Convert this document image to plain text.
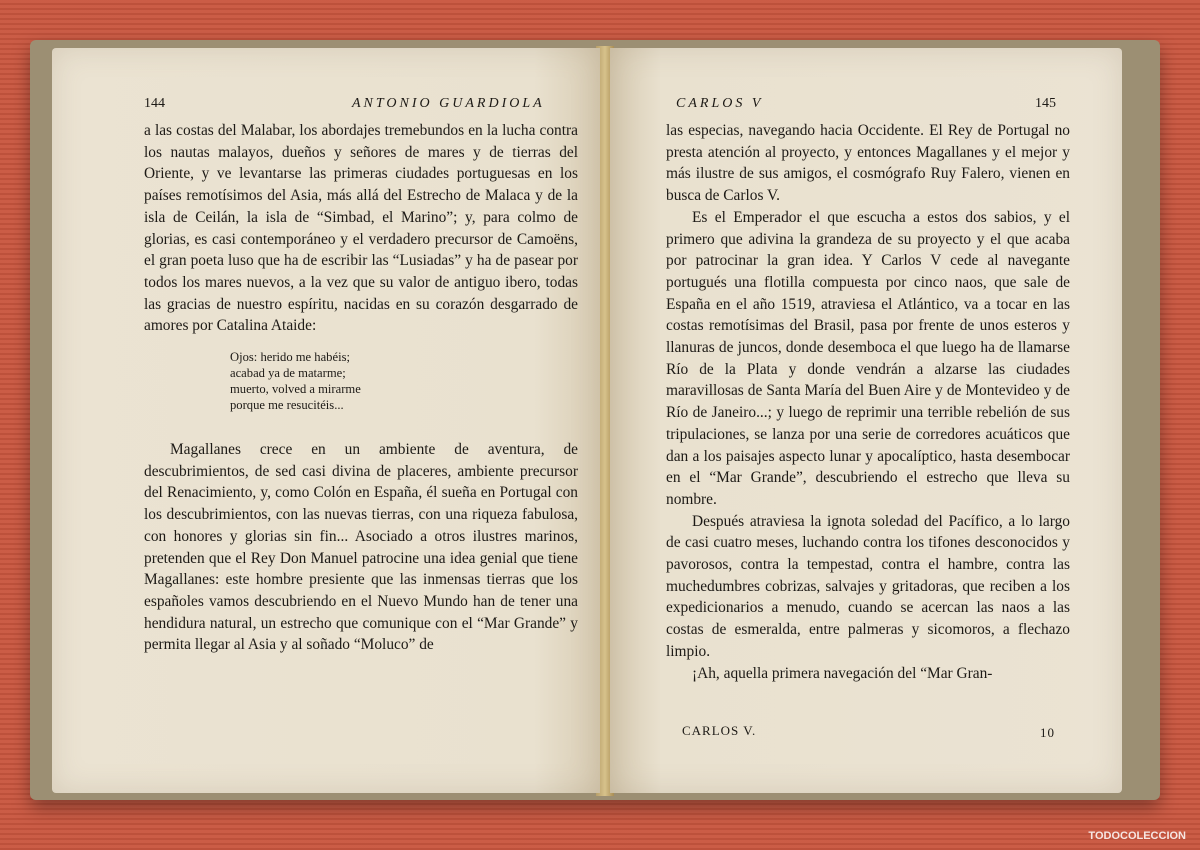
144	ANTONIO GUARDIOLA

a las costas del Malabar, los abordajes tremebundos en la lucha contra los nautas malayos, dueños y señores de mares y de tierras del Oriente, y ve levantarse las primeras ciudades portuguesas en los países remotísimos del Asia, más allá del Estrecho de Malaca y de la isla de Ceilán, la isla de “Simbad, el Marino”; y, para colmo de glorias, es casi contemporáneo y el verdadero precursor de Camoëns, el gran poeta luso que ha de escribir las “Lusiadas” y ha de pasear por todos los mares nuevos, a la vez que su valor de antiguo ibero, todas las gracias de nuestro espíritu, nacidas en su corazón desgarrado de amores por Catalina Ataide:

Ojos: herido me habéis;
acabad ya de matarme;
muerto, volved a mirarme
porque me resucitéis...

Magallanes crece en un ambiente de aventura, de descubrimientos, de sed casi divina de placeres, ambiente precursor del Renacimiento, y, como Colón en España, él sueña en Portugal con los descubrimientos, con las nuevas tierras, con una riqueza fabulosa, con honores y glorias sin fin... Asociado a otros ilustres marinos, pretenden que el Rey Don Manuel patrocine una idea genial que tiene Magallanes: este hombre presiente que las inmensas tierras que los españoles vamos descubriendo en el Nuevo Mundo han de tener una hendidura natural, un estrecho que comunique con el “Mar Grande” y permita llegar al Asia y al soñado “Moluco” de

CARLOS V	145

las especias, navegando hacia Occidente. El Rey de Portugal no presta atención al proyecto, y entonces Magallanes y el mejor y más ilustre de sus amigos, el cosmógrafo Ruy Falero, vienen en busca de Carlos V.

Es el Emperador el que escucha a estos dos sabios, y el primero que adivina la grandeza de su proyecto y el que acaba por patrocinar la gran idea. Y Carlos V cede al navegante portugués una flotilla compuesta por cinco naos, que sale de España en el año 1519, atraviesa el Atlántico, va a tocar en las costas remotísimas del Brasil, pasa por frente de unos esteros y llanuras de juncos, donde desemboca el que luego ha de llamarse Río de la Plata y donde vendrán a alzarse las ciudades maravillosas de Santa María del Buen Aire y de Montevideo y de Río de Janeiro...; y luego de reprimir una terrible rebelión de sus tripulaciones, se lanza por una serie de corredores acuáticos que dan a los paisajes aspecto lunar y apocalíptico, hasta desembocar en el “Mar Grande”, descubriendo el estrecho que lleva su nombre.

Después atraviesa la ignota soledad del Pacífico, a lo largo de casi cuatro meses, luchando contra los tifones desconocidos y pavorosos, contra la tempestad, contra el hambre, contra las muchedumbres cobrizas, salvajes y gritadoras, que reciben a los expedicionarios a menudo, cuando se acercan las naos a las costas de esmeralda, entre palmeras y sicomoros, a flechazo limpio.

¡Ah, aquella primera navegación del “Mar Gran-

CARLOS V.	10
TODOCOLECCION
